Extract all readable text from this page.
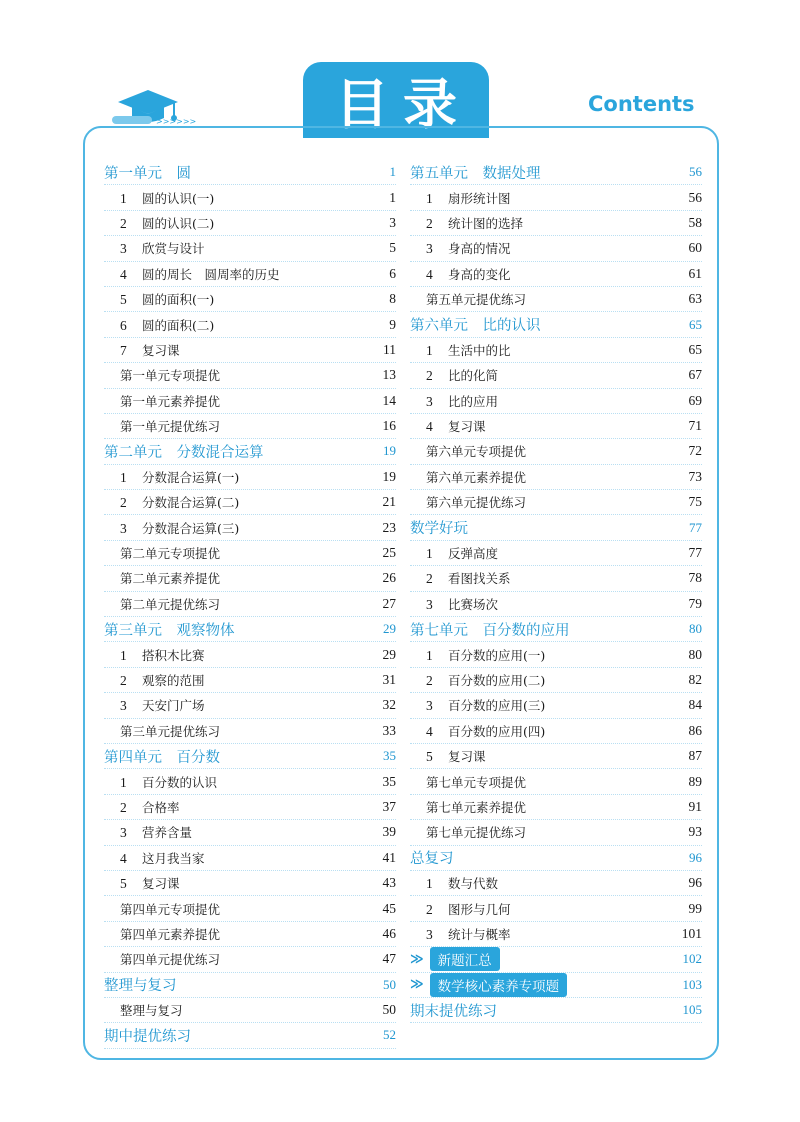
>>>>>>	目录	Contents
第一单元　圆	1
1 圆的认识(一)	1
2 圆的认识(二)	3
3 欣赏与设计	5
4 圆的周长　圆周率的历史	6
5 圆的面积(一)	8
6 圆的面积(二)	9
7 复习课	11
第一单元专项提优	13
第一单元素养提优	14
第一单元提优练习	16
第二单元　分数混合运算	19
1 分数混合运算(一)	19
2 分数混合运算(二)	21
3 分数混合运算(三)	23
第二单元专项提优	25
第二单元素养提优	26
第二单元提优练习	27
第三单元　观察物体	29
1 搭积木比赛	29
2 观察的范围	31
3 天安门广场	32
第三单元提优练习	33
第四单元　百分数	35
1 百分数的认识	35
2 合格率	37
3 营养含量	39
4 这月我当家	41
5 复习课	43
第四单元专项提优	45
第四单元素养提优	46
第四单元提优练习	47
整理与复习	50
整理与复习	50
期中提优练习	52
第五单元　数据处理	56
1 扇形统计图	56
2 统计图的选择	58
3 身高的情况	60
4 身高的变化	61
第五单元提优练习	63
第六单元　比的认识	65
1 生活中的比	65
2 比的化简	67
3 比的应用	69
4 复习课	71
第六单元专项提优	72
第六单元素养提优	73
第六单元提优练习	75
数学好玩	77
1 反弹高度	77
2 看图找关系	78
3 比赛场次	79
第七单元　百分数的应用	80
1 百分数的应用(一)	80
2 百分数的应用(二)	82
3 百分数的应用(三)	84
4 百分数的应用(四)	86
5 复习课	87
第七单元专项提优	89
第七单元素养提优	91
第七单元提优练习	93
总复习	96
1 数与代数	96
2 图形与几何	99
3 统计与概率	101
≫	新题汇总	102
≫	数学核心素养专项题	103
期末提优练习	105
